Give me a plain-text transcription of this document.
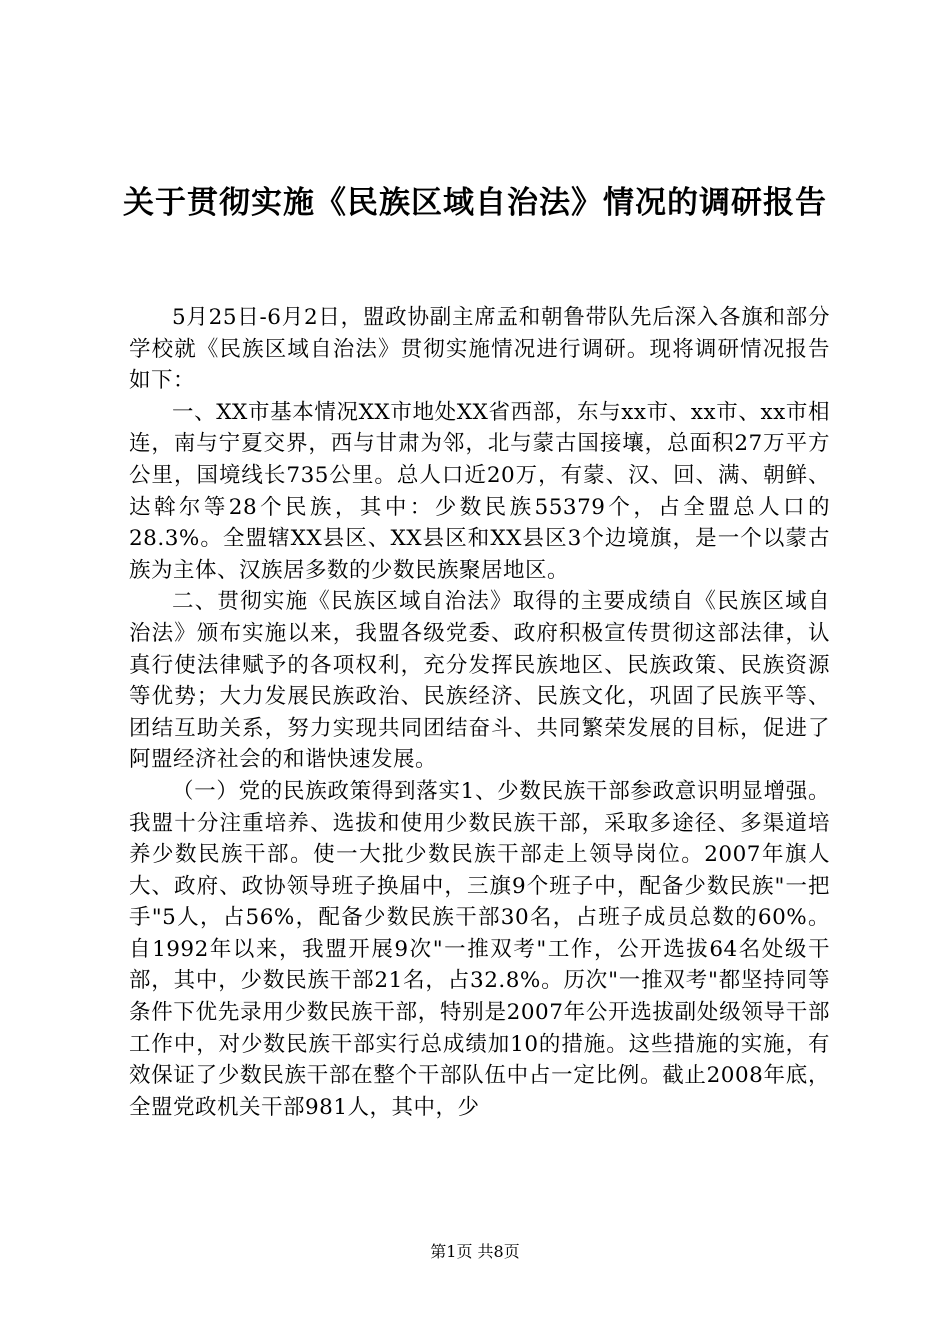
关于贯彻实施《民族区域自治法》情况的调研报告

5月25日-6月2日，盟政协副主席孟和朝鲁带队先后深入各旗和部分学校就《民族区域自治法》贯彻实施情况进行调研。现将调研情况报告如下：

一、XX市基本情况XX市地处XX省西部，东与xx市、xx市、xx市相连，南与宁夏交界，西与甘肃为邻，北与蒙古国接壤，总面积27万平方公里，国境线长735公里。总人口近20万，有蒙、汉、回、满、朝鲜、达斡尔等28个民族，其中：少数民族55379个，占全盟总人口的28.3%。全盟辖XX县区、XX县区和XX县区3个边境旗，是一个以蒙古族为主体、汉族居多数的少数民族聚居地区。

二、贯彻实施《民族区域自治法》取得的主要成绩自《民族区域自治法》颁布实施以来，我盟各级党委、政府积极宣传贯彻这部法律，认真行使法律赋予的各项权利，充分发挥民族地区、民族政策、民族资源等优势；大力发展民族政治、民族经济、民族文化，巩固了民族平等、团结互助关系，努力实现共同团结奋斗、共同繁荣发展的目标，促进了阿盟经济社会的和谐快速发展。

（一）党的民族政策得到落实1、少数民族干部参政意识明显增强。我盟十分注重培养、选拔和使用少数民族干部，采取多途径、多渠道培养少数民族干部。使一大批少数民族干部走上领导岗位。2007年旗人大、政府、政协领导班子换届中，三旗9个班子中，配备少数民族"一把手"5人，占56%，配备少数民族干部30名，占班子成员总数的60%。自1992年以来，我盟开展9次"一推双考"工作，公开选拔64名处级干部，其中，少数民族干部21名，占32.8%。历次"一推双考"都坚持同等条件下优先录用少数民族干部，特别是2007年公开选拔副处级领导干部工作中，对少数民族干部实行总成绩加10的措施。这些措施的实施，有效保证了少数民族干部在整个干部队伍中占一定比例。截止2008年底，全盟党政机关干部981人，其中，少

第1页 共8页
